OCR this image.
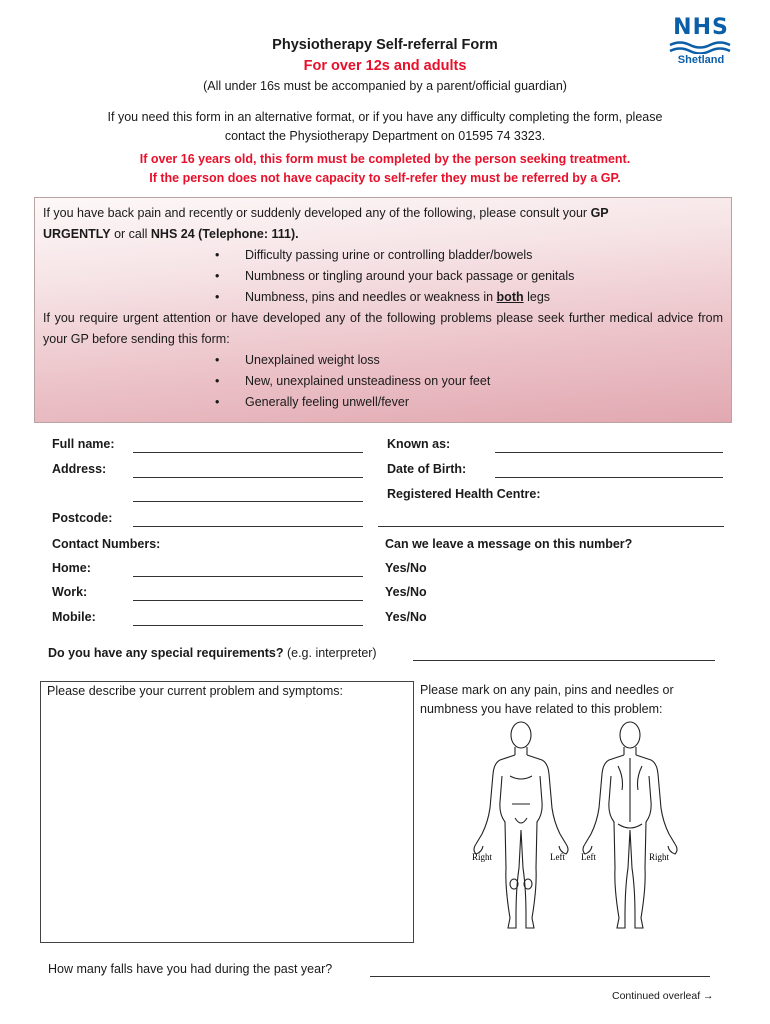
NHS
Shetland
Physiotherapy Self-referral Form
For over 12s and adults
(All under 16s must be accompanied by a parent/official guardian)
If you need this form in an alternative format, or if you have any difficulty completing the form, please
contact the Physiotherapy Department on 01595 74 3323.
If over 16 years old, this form must be completed by the person seeking treatment.
If the person does not have capacity to self-refer they must be referred by a GP.

If you have back pain and recently or suddenly developed any of the following, please consult your GP
URGENTLY or call NHS 24 (Telephone: 111).

• Difficulty passing urine or controlling bladder/bowels
• Numbness or tingling around your back passage or genitals
• Numbness, pins and needles or weakness in both legs

If you require urgent attention or have developed any of the following problems please seek further medical advice from your GP before sending this form:

• Unexplained weight loss
• New, unexplained unsteadiness on your feet
• Generally feeling unwell/fever
Full name:	Known as:
Address:	Date of Birth:
Registered Health Centre:
Postcode:
Contact Numbers:	Can we leave a message on this number?
Home:	Yes/No
Work:	Yes/No
Mobile:	Yes/No
Do you have any special requirements? (e.g. interpreter)
Please describe your current problem and symptoms:	Please mark on any pain, pins and needles or numbness you have related to this problem:
Right	Left Left	Right
How many falls have you had during the past year?
Continued overleaf →
